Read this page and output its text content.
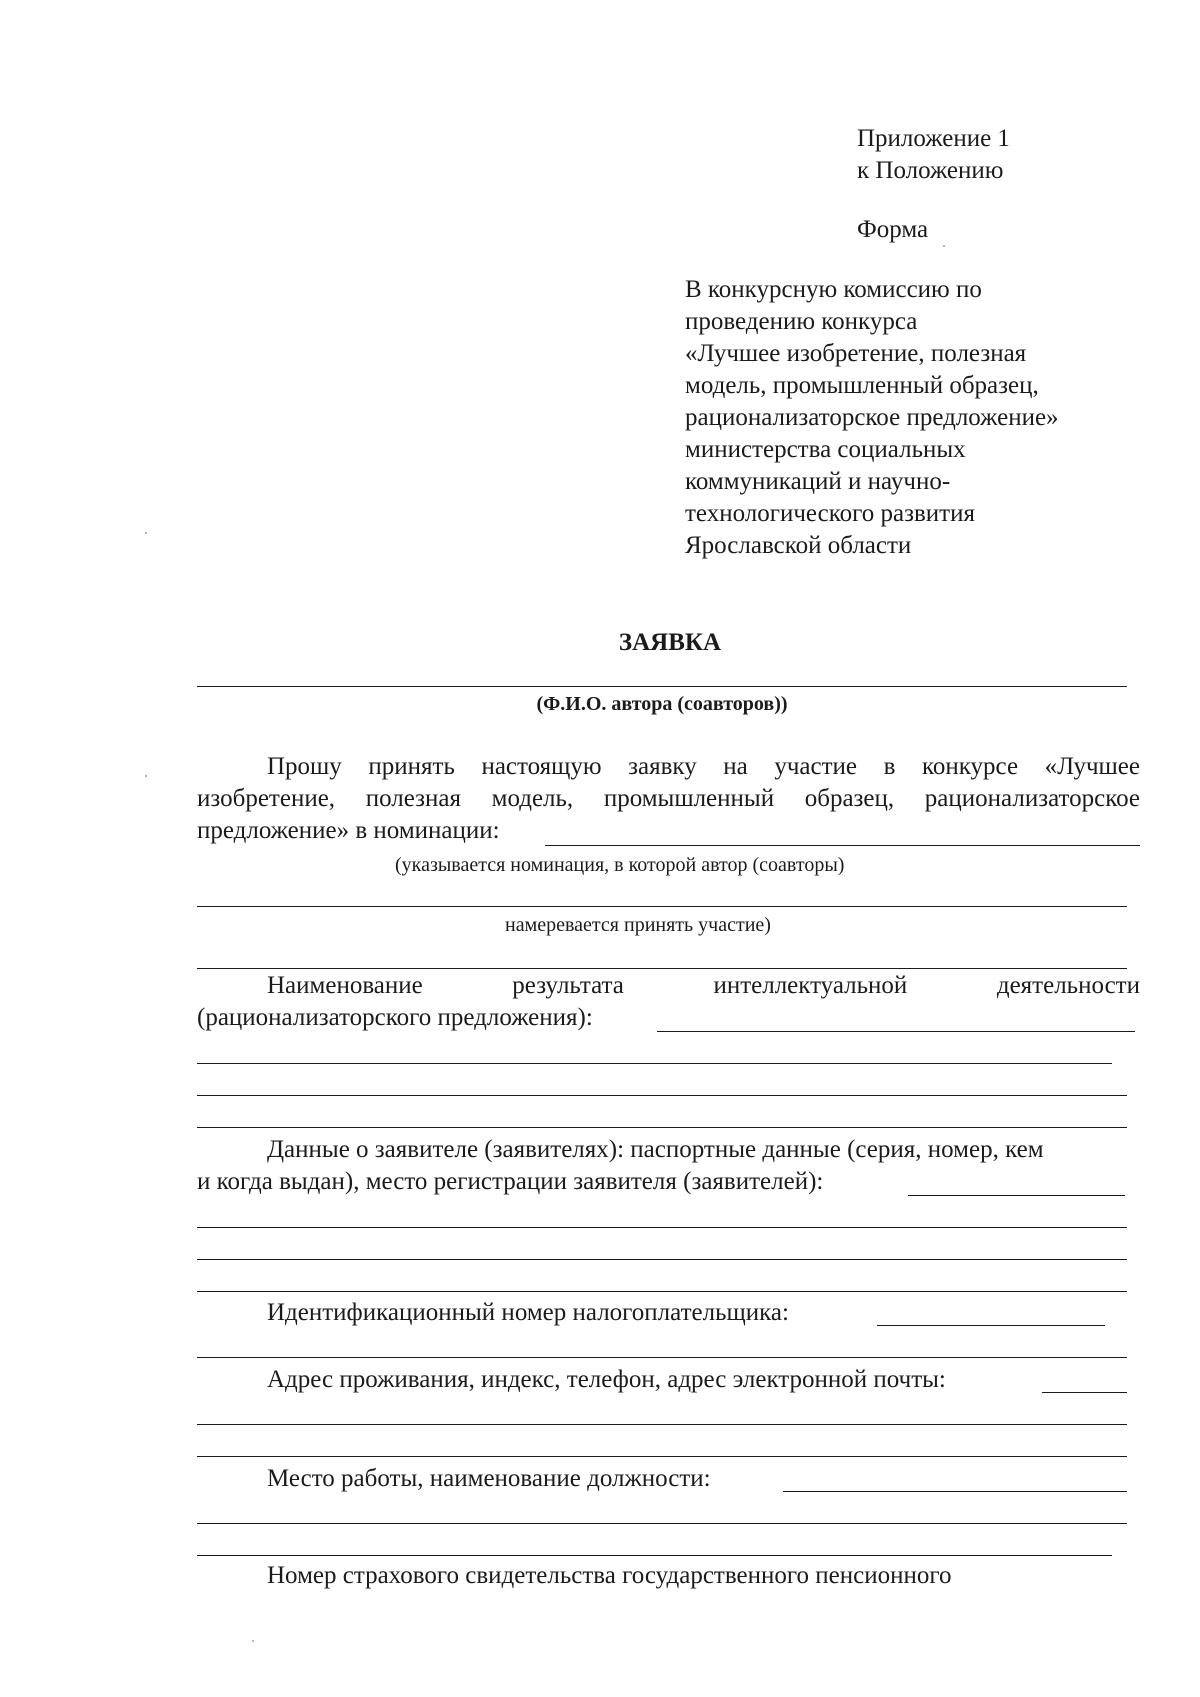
Приложение 1
к Положению
Форма
В конкурсную комиссию по
проведению конкурса
«Лучшее изобретение, полезная
модель, промышленный образец,
рационализаторское предложение»
министерства социальных
коммуникаций и научно-
технологического развития
Ярославской области
ЗАЯВКА
(Ф.И.О. автора (соавторов))
Прошу принять настоящую заявку на участие в конкурсе «Лучшее
изобретение, полезная модель, промышленный образец, рационализаторское
предложение» в номинации:
(указывается номинация, в которой автор (соавторы)
намеревается принять участие)
Наименование	результата	интеллектуальной	деятельности
(рационализаторского предложения):
Данные о заявителе (заявителях): паспортные данные (серия, номер, кем
и когда выдан), место регистрации заявителя (заявителей):
Идентификационный номер налогоплательщика:
Адрес проживания, индекс, телефон, адрес электронной почты:
Место работы, наименование должности:
Номер страхового свидетельства государственного пенсионного
